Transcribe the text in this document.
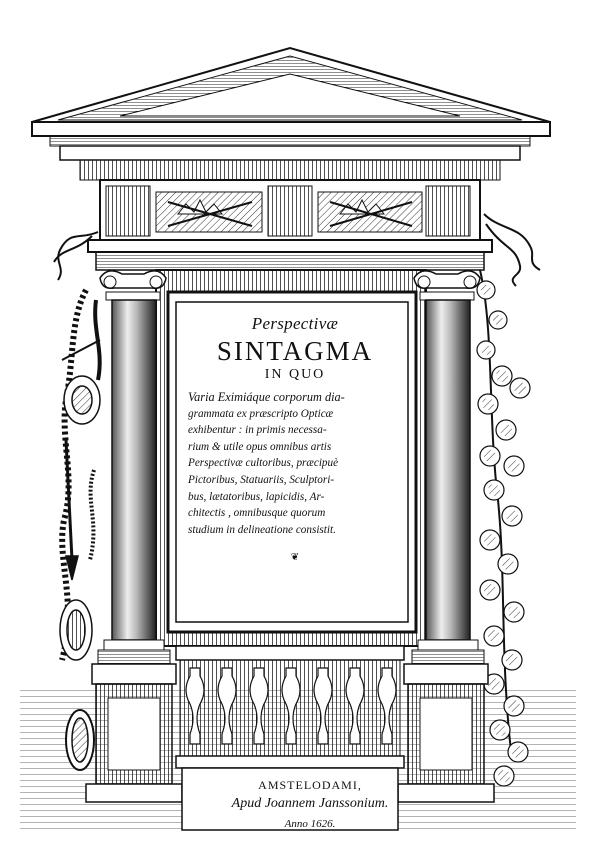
Perspectivæ
SINTAGMA
IN QUO
Varia Eximiáque corporum dia-
grammata ex præscripto Opticæ
exhibentur : in primis necessa-
rium & utile opus omnibus artis
Perspectivæ cultoribus, præcipuè
Pictoribus, Statuariis, Sculptori-
bus, lætatoribus, lapicidis, Ar-
chitectis , omnibusque quorum
studium in delineatione consistit.
❦
AMSTELODAMI,
Apud Joannem Janssonium.
Anno 1626.
